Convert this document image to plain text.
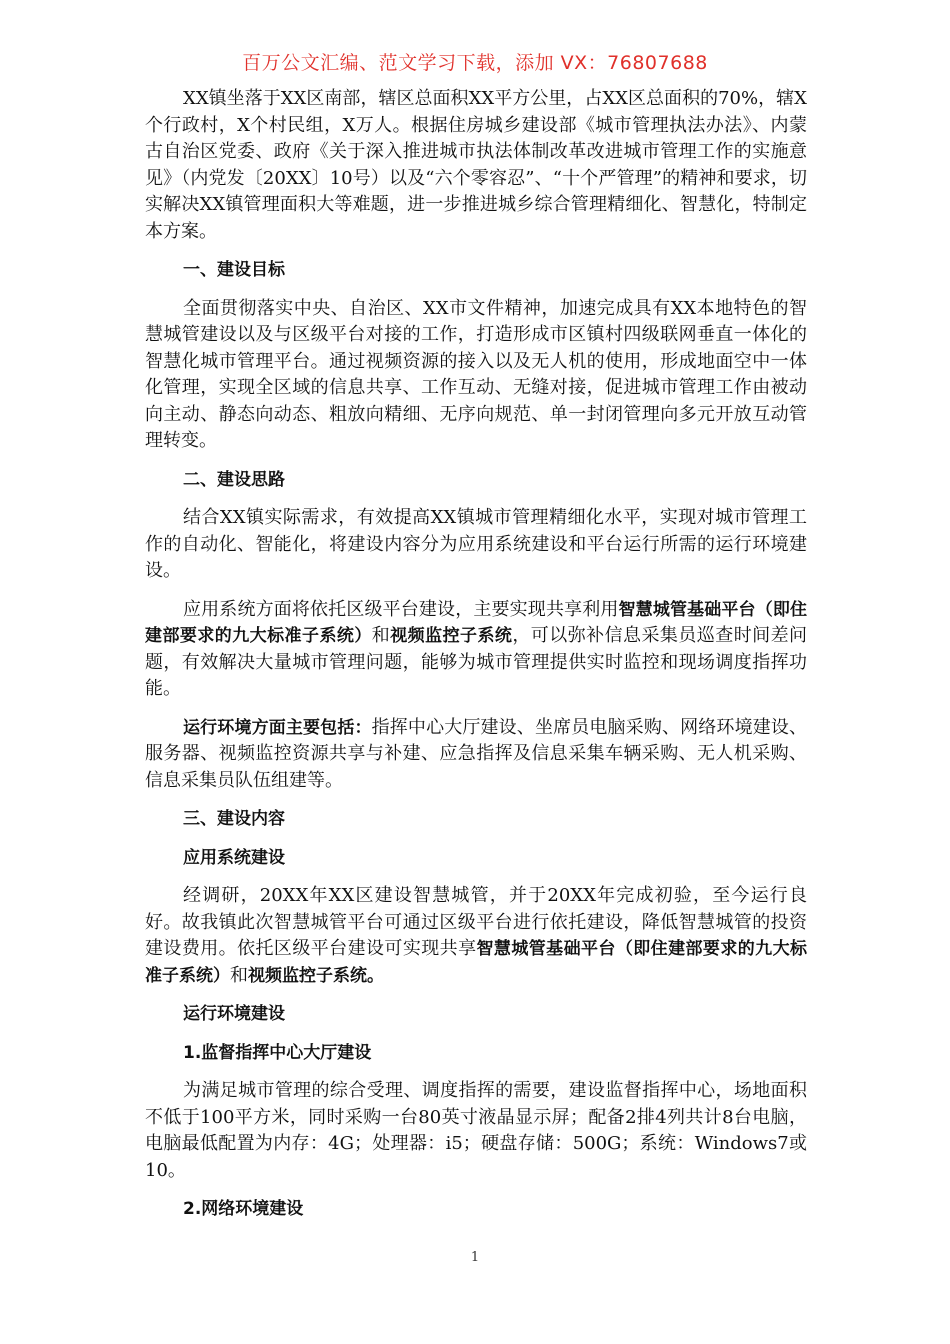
百万公文汇编、范文学习下载，添加 VX：76807688

XX镇坐落于XX区南部，辖区总面积XX平方公里，占XX区总面积的70%，辖X个行政村，X个村民组，X万人。根据住房城乡建设部《城市管理执法办法》、内蒙古自治区党委、政府《关于深入推进城市执法体制改革改进城市管理工作的实施意见》（内党发〔20XX〕10号）以及“六个零容忍”、“十个严管理”的精神和要求，切实解决XX镇管理面积大等难题，进一步推进城乡综合管理精细化、智慧化，特制定本方案。

一、建设目标

全面贯彻落实中央、自治区、XX市文件精神，加速完成具有XX本地特色的智慧城管建设以及与区级平台对接的工作，打造形成市区镇村四级联网垂直一体化的智慧化城市管理平台。通过视频资源的接入以及无人机的使用，形成地面空中一体化管理，实现全区域的信息共享、工作互动、无缝对接，促进城市管理工作由被动向主动、静态向动态、粗放向精细、无序向规范、单一封闭管理向多元开放互动管理转变。

二、建设思路

结合XX镇实际需求，有效提高XX镇城市管理精细化水平，实现对城市管理工作的自动化、智能化，将建设内容分为应用系统建设和平台运行所需的运行环境建设。

应用系统方面将依托区级平台建设，主要实现共享利用智慧城管基础平台（即住建部要求的九大标准子系统）和视频监控子系统，可以弥补信息采集员巡查时间差问题，有效解决大量城市管理问题，能够为城市管理提供实时监控和现场调度指挥功能。

运行环境方面主要包括：指挥中心大厅建设、坐席员电脑采购、网络环境建设、服务器、视频监控资源共享与补建、应急指挥及信息采集车辆采购、无人机采购、信息采集员队伍组建等。

三、建设内容

应用系统建设

经调研，20XX年XX区建设智慧城管，并于20XX年完成初验，至今运行良好。故我镇此次智慧城管平台可通过区级平台进行依托建设，降低智慧城管的投资建设费用。依托区级平台建设可实现共享智慧城管基础平台（即住建部要求的九大标准子系统）和视频监控子系统。

运行环境建设

1.监督指挥中心大厅建设

为满足城市管理的综合受理、调度指挥的需要，建设监督指挥中心，场地面积不低于100平方米，同时采购一台80英寸液晶显示屏；配备2排4列共计8台电脑，电脑最低配置为内存：4G；处理器：i5；硬盘存储：500G；系统：Windows7或10。

2.网络环境建设

1
